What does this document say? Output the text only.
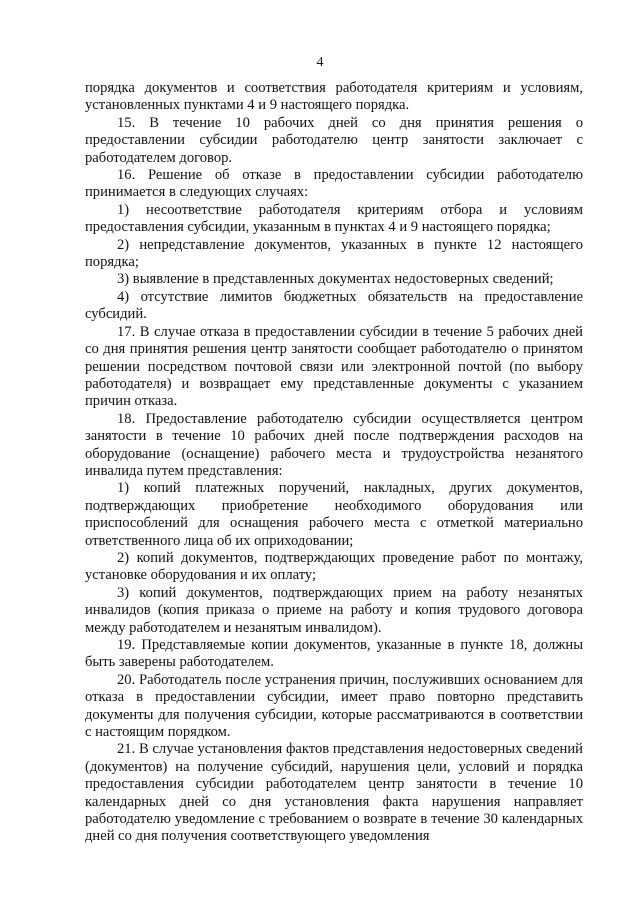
4

порядка документов и соответствия работодателя критериям и условиям, установленных пунктами 4 и 9 настоящего порядка.

15. В течение 10 рабочих дней со дня принятия решения о предоставлении субсидии работодателю центр занятости заключает с работодателем договор.

16. Решение об отказе в предоставлении субсидии работодателю принимается в следующих случаях:

1) несоответствие работодателя критериям отбора и условиям предоставления субсидии, указанным в пунктах 4 и 9 настоящего порядка;

2) непредставление документов, указанных в пункте 12 настоящего порядка;

3) выявление в представленных документах недостоверных сведений;

4) отсутствие лимитов бюджетных обязательств на предоставление субсидий.

17. В случае отказа в предоставлении субсидии в течение 5 рабочих дней со дня принятия решения центр занятости сообщает работодателю о принятом решении посредством почтовой связи или электронной почтой (по выбору работодателя) и возвращает ему представленные документы с указанием причин отказа.

18. Предоставление работодателю субсидии осуществляется центром занятости в течение 10 рабочих дней после подтверждения расходов на оборудование (оснащение) рабочего места и трудоустройства незанятого инвалида путем представления:

1) копий платежных поручений, накладных, других документов, подтверждающих приобретение необходимого оборудования или приспособлений для оснащения рабочего места с отметкой материально ответственного лица об их оприходовании;

2) копий документов, подтверждающих проведение работ по монтажу, установке оборудования и их оплату;

3) копий документов, подтверждающих прием на работу незанятых инвалидов (копия приказа о приеме на работу и копия трудового договора между работодателем и незанятым инвалидом).

19. Представляемые копии документов, указанные в пункте 18, должны быть заверены работодателем.

20. Работодатель после устранения причин, послуживших основанием для отказа в предоставлении субсидии, имеет право повторно представить документы для получения субсидии, которые рассматриваются в соответствии с настоящим порядком.

21. В случае установления фактов представления недостоверных сведений (документов) на получение субсидий, нарушения цели, условий и порядка предоставления субсидии работодателем центр занятости в течение 10 календарных дней со дня установления факта нарушения направляет работодателю уведомление с требованием о возврате в течение 30 календарных дней со дня получения соответствующего уведомления
